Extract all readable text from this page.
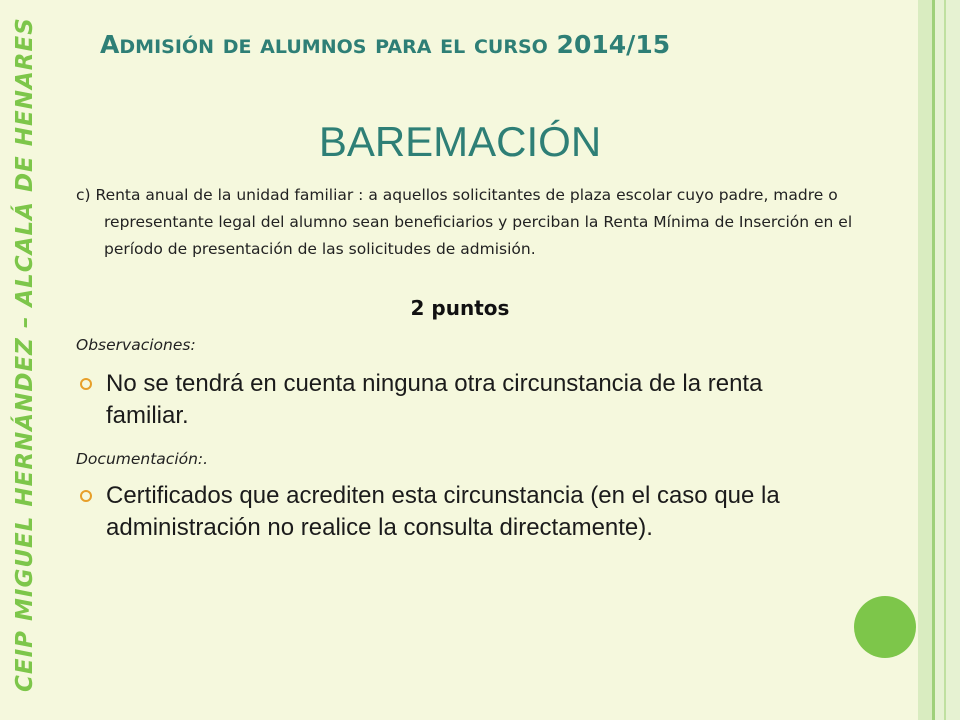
CEIP MIGUEL HERNÁNDEZ – ALCALÁ DE HENARES ADMISIÓN DE ALUMNOS PARA EL CURSO 2014/15
BAREMACIÓN
c) Renta anual de la unidad familiar : a aquellos solicitantes de plaza escolar cuyo padre, madre o representante legal del alumno sean beneficiarios y perciban la Renta Mínima de Inserción en el período de presentación de las solicitudes de admisión.
2 puntos
Observaciones:
No se tendrá en cuenta ninguna otra circunstancia de la renta familiar.
Documentación:.
Certificados que acrediten esta circunstancia (en el caso que la administración no realice la consulta directamente).
